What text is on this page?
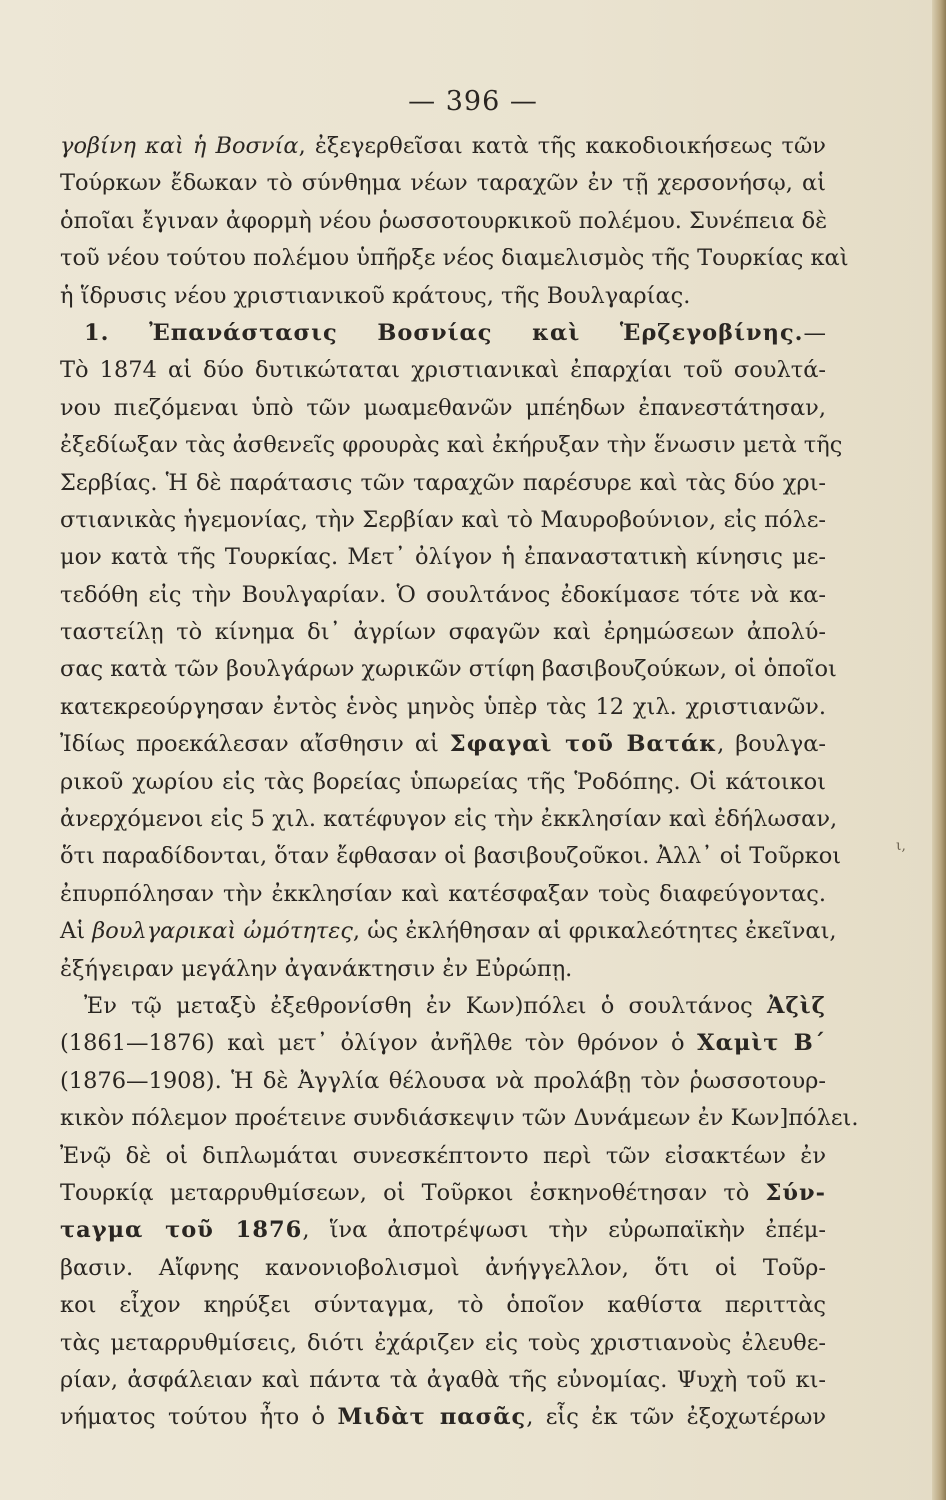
— 396 —
γοβίνη καὶ ἡ Βοσνία, ἐξεγερθεῖσαι κατὰ τῆς κακοδιοικήσεως τῶν
Τούρκων ἔδωκαν τὸ σύνθημα νέων ταραχῶν ἐν τῇ χερσονήσῳ, αἱ
ὁποῖαι ἔγιναν ἀφορμὴ νέου ῥωσσοτουρκικοῦ πολέμου. Συνέπεια δὲ
τοῦ νέου τούτου πολέμου ὑπῆρξε νέος διαμελισμὸς τῆς Τουρκίας καὶ
ἡ ἵδρυσις νέου χριστιανικοῦ κράτους, τῆς Βουλγαρίας.
1. Ἐπανάστασις Βοσνίας καὶ Ἑρζεγοβίνης.—
Τὸ 1874 αἱ δύο δυτικώταται χριστιανικαὶ ἐπαρχίαι τοῦ σουλτά-
νου πιεζόμεναι ὑπὸ τῶν μωαμεθανῶν μπέηδων ἐπανεστάτησαν,
ἐξεδίωξαν τὰς ἀσθενεῖς φρουρὰς καὶ ἐκήρυξαν τὴν ἕνωσιν μετὰ τῆς
Σερβίας. Ἡ δὲ παράτασις τῶν ταραχῶν παρέσυρε καὶ τὰς δύο χρι-
στιανικὰς ἡγεμονίας, τὴν Σερβίαν καὶ τὸ Μαυροβούνιον, εἰς πόλε-
μον κατὰ τῆς Τουρκίας. Μετ᾽ ὀλίγον ἡ ἐπαναστατικὴ κίνησις με-
τεδόθη εἰς τὴν Βουλγαρίαν. Ὁ σουλτάνος ἐδοκίμασε τότε νὰ κα-
ταστείλῃ τὸ κίνημα δι᾽ ἀγρίων σφαγῶν καὶ ἐρημώσεων ἀπολύ-
σας κατὰ τῶν βουλγάρων χωρικῶν στίφη βασιβουζούκων, οἱ ὁποῖοι
κατεκρεούργησαν ἐντὸς ἑνὸς μηνὸς ὑπὲρ τὰς 12 χιλ. χριστιανῶν.
Ἰδίως προεκάλεσαν αἴσθησιν αἱ Σφαγαὶ τοῦ Βατάκ, βουλγα-
ρικοῦ χωρίου εἰς τὰς βορείας ὑπωρείας τῆς Ῥοδόπης. Οἱ κάτοικοι
ἀνερχόμενοι εἰς 5 χιλ. κατέφυγον εἰς τὴν ἐκκλησίαν καὶ ἐδήλωσαν,
ὅτι παραδίδονται, ὅταν ἔφθασαν οἱ βασιβουζοῦκοι. Ἀλλ᾽ οἱ Τοῦρκοι
ἐπυρπόλησαν τὴν ἐκκλησίαν καὶ κατέσφαξαν τοὺς διαφεύγοντας.
Αἱ βουλγαρικαὶ ὠμότητες, ὡς ἐκλήθησαν αἱ φρικαλεότητες ἐκεῖναι,
ἐξήγειραν μεγάλην ἀγανάκτησιν ἐν Εὐρώπῃ.
Ἐν τῷ μεταξὺ ἐξεθρονίσθη ἐν Κων)πόλει ὁ σουλτάνος Ἀζὶζ
(1861—1876) καὶ μετ᾽ ὀλίγον ἀνῆλθε τὸν θρόνον ὁ Χαμὶτ Β´
(1876—1908). Ἡ δὲ Ἀγγλία θέλουσα νὰ προλάβῃ τὸν ῥωσσοτουρ-
κικὸν πόλεμον προέτεινε συνδιάσκεψιν τῶν Δυνάμεων ἐν Κων]πόλει.
Ἐνῷ δὲ οἱ διπλωμάται συνεσκέπτοντο περὶ τῶν εἰσακτέων ἐν
Τουρκίᾳ μεταρρυθμίσεων, οἱ Τοῦρκοι ἐσκηνοθέτησαν τὸ Σύν-
τaγμα τοῦ 1876, ἵνα ἀποτρέψωσι τὴν εὐρωπαϊκὴν ἐπέμ-
βασιν. Αἴφνης κανονιοβολισμοὶ ἀνήγγελλον, ὅτι οἱ Τοῦρ-
κοι εἶχον κηρύξει σύνταγμα, τὸ ὁποῖον καθίστα περιττὰς
τὰς μεταρρυθμίσεις, διότι ἐχάριζεν εἰς τοὺς χριστιανοὺς ἐλευθε-
ρίαν, ἀσφάλειαν καὶ πάντα τὰ ἀγαθὰ τῆς εὐνομίας. Ψυχὴ τοῦ κι-
νήματος τούτου ἦτο ὁ Μιδὰτ πασᾶς, εἷς ἐκ τῶν ἐξοχωτέρων
ι,
